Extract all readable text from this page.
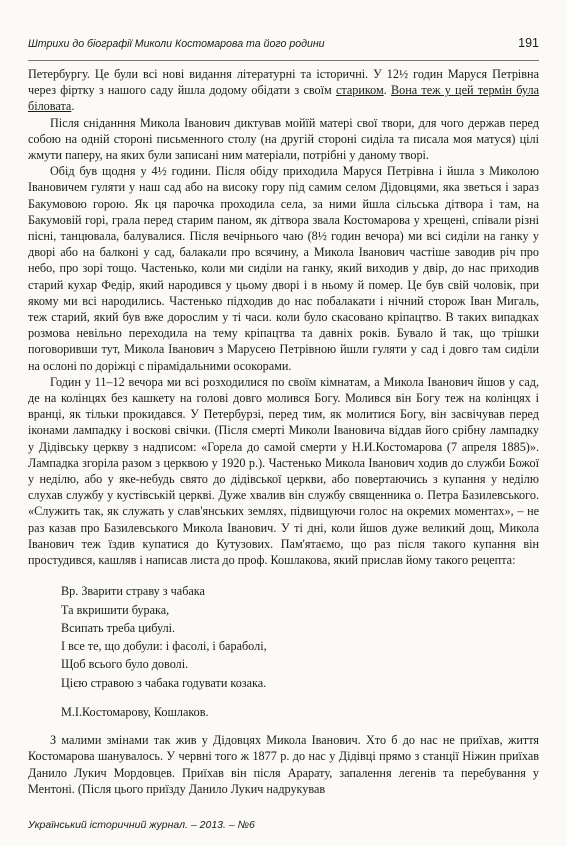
Штрихи до біографії Миколи Костомарова та його родини	191

Петербургу. Це були всі нові видання літературні та історичні. У 12½ годин Маруся Петрівна через фіртку з нашого саду йшла додому обідати з своїм стариком. Вона теж у цей термін була біловата.

Після сніданння Микола Іванович диктував мойїй матері свої твори, для чого держав перед собою на одній стороні письменного столу (на другій стороні сиділа та писала моя матуся) цілі жмути паперу, на яких були записані ним матеріали, потрібні у даному творі.

Обід був щодня у 4½ години. Після обіду приходила Маруся Петрівна і йшла з Миколою Івановичем гуляти у наш сад або на високу гору під самим селом Дідовцями, яка зветься і зараз Бакумовою горою. Як ця парочка проходила села, за ними йшла сільська дітвора і там, на Бакумовій горі, грала перед старим паном, як дітвора звала Костомарова у хрещені, співали різні пісні, танцювала, балувалися. Після вечірнього чаю (8½ годин вечора) ми всі сиділи на ганку у дворі або на балконі у сад, балакали про всячину, а Микола Іванович частіше заводив річ про небо, про зорі тощо. Частенько, коли ми сиділи на ганку, який виходив у двір, до нас приходив старий кухар Федір, який народився у цьому дворі і в ньому й помер. Це був свій чоловік, при якому ми всі народились. Частенько підходив до нас побалакати і нічний сторож Іван Мигаль, теж старий, який був вже дорослим у ті часи. коли було скасовано кріпацтво. В таких випадках розмова невільно переходила на тему кріпацтва та давніх років. Бувало й так, що трішки поговоривши тут, Микола Іванович з Марусею Петрівною йшли гуляти у сад і довго там сиділи на ослоні по доріжці с пірамідальними осокорами.

Годин у 11–12 вечора ми всі розходилися по своїм кімнатам, а Микола Іванович йшов у сад, де на колінцях без кашкету на голові довго молився Богу. Молився він Богу теж на колінцях і вранці, як тільки прокидався. У Петербурзі, перед тим, як молитися Богу, він засвічував перед іконами лампадку і воскові свічки. (Після смерті Миколи Івановича віддав його срібну лампадку у Дідівську церкву з надписом: «Горела до самой смерти у Н.И.Костомарова (7 апреля 1885)». Лампадка згоріла разом з церквою у 1920 р.). Частенько Микола Іванович ходив до служби Божої у неділю, або у яке-небудь свято до дідівської церкви, або повертаючись з купання у неділю слухав службу у кустівській церкві. Дуже хвалив він службу священника о. Петра Базилевського. «Служить так, як служать у слав'янських землях, підвищуючи голос на окремих моментах», – не раз казав про Базилевського Микола Іванович. У ті дні, коли йшов дуже великий дощ, Микола Іванович теж їздив купатися до Кутузових. Пам'ятаємо, що раз після такого купання він простудився, кашляв і написав листа до проф. Кошлакова, який прислав йому такого рецепта:

Вр. Зварити страву з чабака
Та вкришити бурака,
Всипать треба цибулі.
І все те, що добули: і фасолі, і бараболі,
Щоб всього було доволі.
Цією стравою з чабака годувати козака.
М.І.Костомарову, Кошлаков.

З малими змінами так жив у Дідовцях Микола Іванович. Хто б до нас не приїхав, життя Костомарова шанувалось. У червні того ж 1877 р. до нас у Дідівці прямо з станції Ніжин приїхав Данило Лукич Мордовцев. Приїхав він після Арарату, запалення легенів та перебування у Ментоні. (Після цього приїзду Данило Лукич надрукував

Український історичний журнал. – 2013. – №6
